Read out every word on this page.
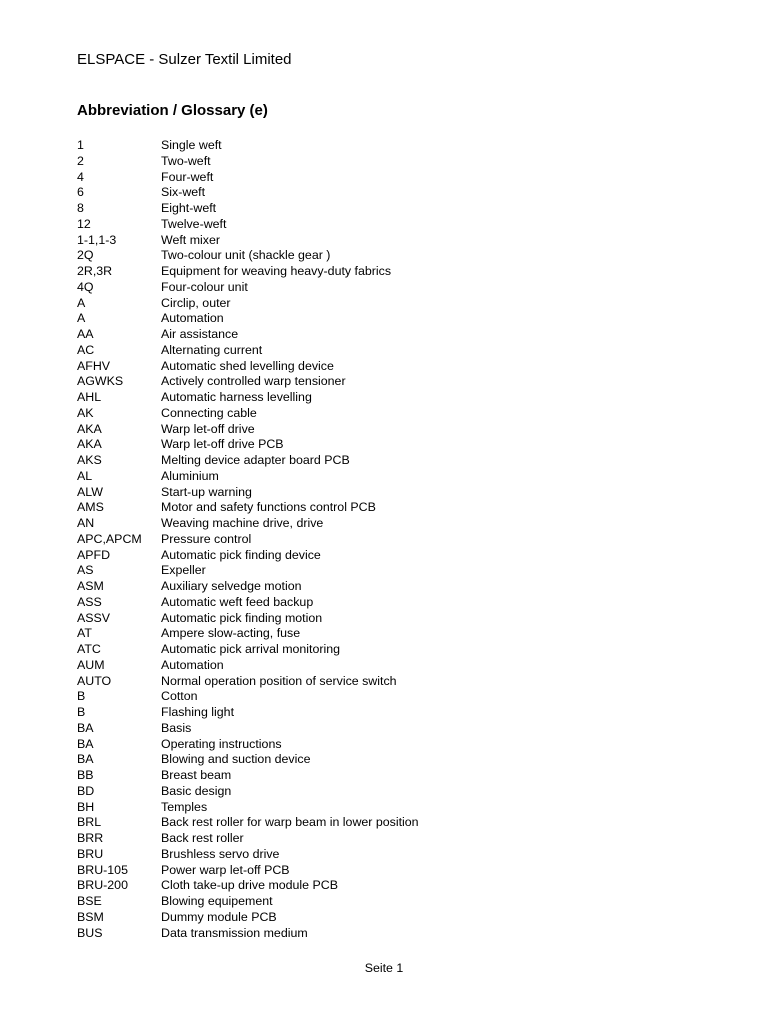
ELSPACE - Sulzer Textil Limited
Abbreviation / Glossary (e)
1	Single weft
2	Two-weft
4	Four-weft
6	Six-weft
8	Eight-weft
12	Twelve-weft
1-1,1-3	Weft mixer
2Q	Two-colour unit (shackle gear )
2R,3R	Equipment for weaving heavy-duty fabrics
4Q	Four-colour unit
A	Circlip, outer
A	Automation
AA	Air assistance
AC	Alternating current
AFHV	Automatic shed levelling device
AGWKS	Actively controlled warp tensioner
AHL	Automatic harness levelling
AK	Connecting cable
AKA	Warp let-off drive
AKA	Warp let-off drive PCB
AKS	Melting device adapter board PCB
AL	Aluminium
ALW	Start-up warning
AMS	Motor and safety functions control PCB
AN	Weaving machine drive, drive
APC,APCM	Pressure control
APFD	Automatic pick finding device
AS	Expeller
ASM	Auxiliary selvedge motion
ASS	Automatic weft feed backup
ASSV	Automatic pick finding motion
AT	Ampere slow-acting, fuse
ATC	Automatic pick arrival monitoring
AUM	Automation
AUTO	Normal operation position of service switch
B	Cotton
B	Flashing light
BA	Basis
BA	Operating instructions
BA	Blowing and suction device
BB	Breast beam
BD	Basic design
BH	Temples
BRL	Back rest roller for warp beam in lower position
BRR	Back rest roller
BRU	Brushless servo drive
BRU-105	Power warp let-off PCB
BRU-200	Cloth take-up drive module PCB
BSE	Blowing equipement
BSM	Dummy module PCB
BUS	Data transmission medium
Seite 1
